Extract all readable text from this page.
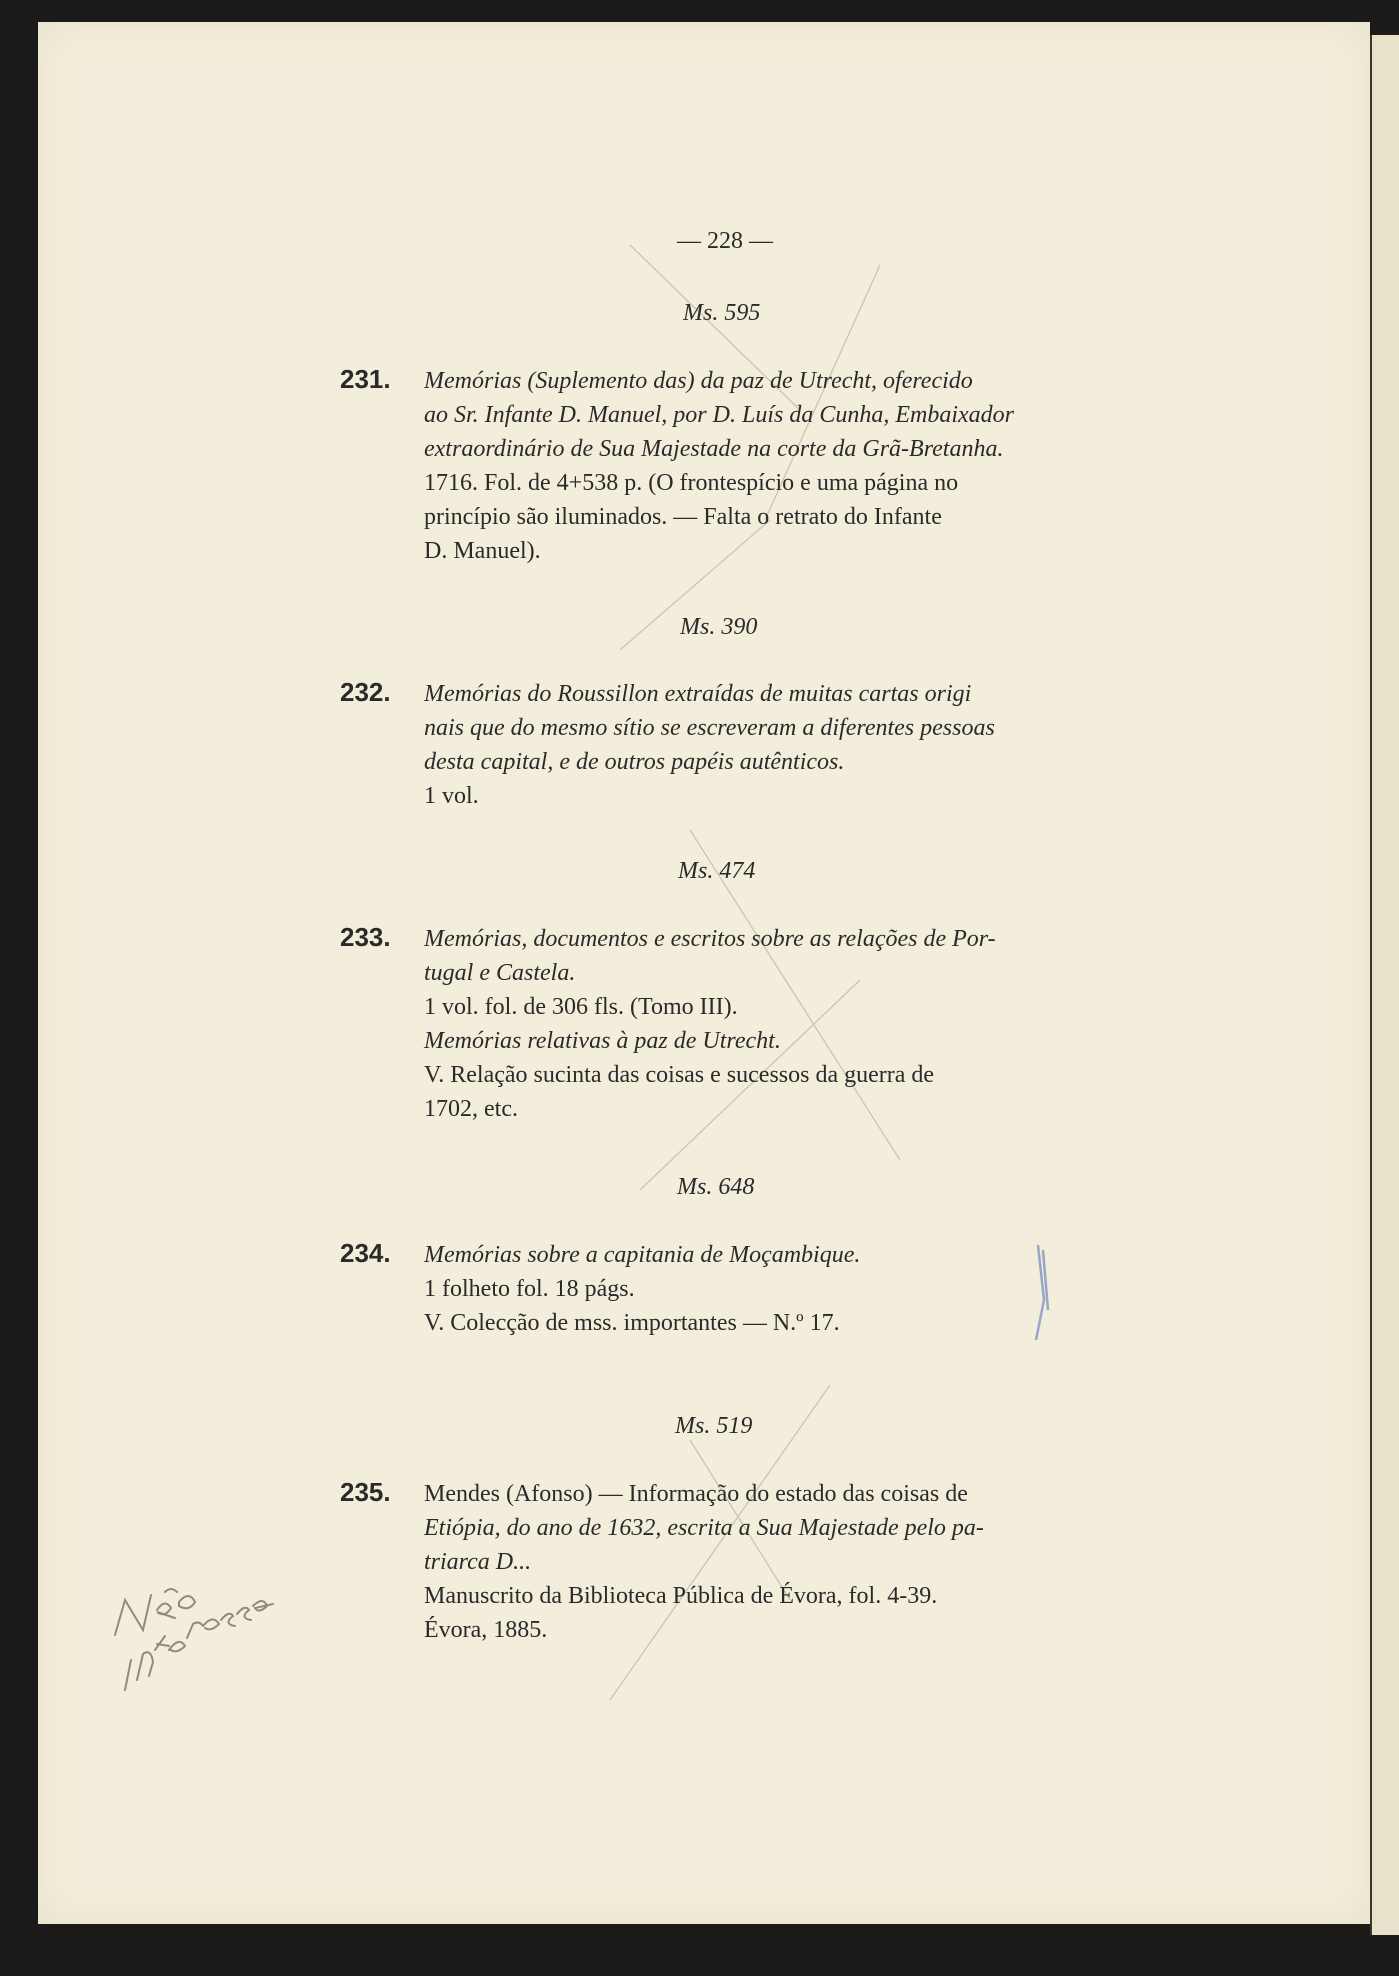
— 228 —
Ms. 595
231. Memórias (Suplemento das) da paz de Utrecht, oferecido
ao Sr. Infante D. Manuel, por D. Luís da Cunha, Embaixador
extraordinário de Sua Majestade na corte da Grã-Bretanha.
1716. Fol. de 4+538 p. (O frontespício e uma página no
princípio são iluminados. — Falta o retrato do Infante
D. Manuel).
Ms. 390
232. Memórias do Roussillon extraídas de muitas cartas origi
nais que do mesmo sítio se escreveram a diferentes pessoas
desta capital, e de outros papéis autênticos.
1 vol.
Ms. 474
233. Memórias, documentos e escritos sobre as relações de Por-
tugal e Castela.
1 vol. fol. de 306 fls. (Tomo III).
Memórias relativas à paz de Utrecht.
V. Relação sucinta das coisas e sucessos da guerra de
1702, etc.
Ms. 648
234. Memórias sobre a capitania de Moçambique.
1 folheto fol. 18 págs.
V. Colecção de mss. importantes — N.º 17.
Ms. 519
235. Mendes (Afonso) — Informação do estado das coisas de
Etiópia, do ano de 1632, escrita a Sua Majestade pelo pa-
triarca D...
Manuscrito da Biblioteca Pública de Évora, fol. 4-39.
Évora, 1885.
